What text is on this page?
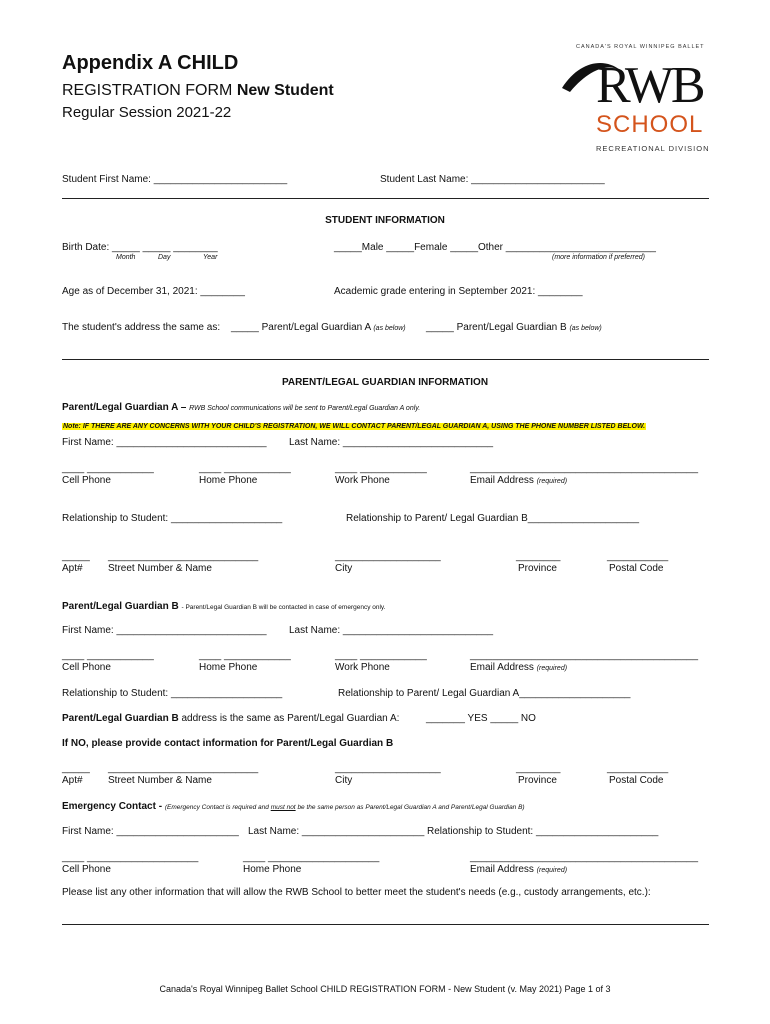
Appendix A CHILD
REGISTRATION FORM New Student
Regular Session 2021-22
CANADA'S ROYAL WINNIPEG BALLET
RWB
SCHOOL
RECREATIONAL DIVISION
Student First Name: ________________________	Student Last Name: ________________________
STUDENT INFORMATION
Birth Date: _____ _____ ________
Month	Day	Year
_____Male _____Female _____Other ___________________________
(more information if preferred)
Age as of December 31, 2021: ________	Academic grade entering in September 2021: ________
The student's address the same as: _____ Parent/Legal Guardian A (as below) _____ Parent/Legal Guardian B (as below)
PARENT/LEGAL GUARDIAN INFORMATION
Parent/Legal Guardian A – RWB School communications will be sent to Parent/Legal Guardian A only.
Note: IF THERE ARE ANY CONCERNS WITH YOUR CHILD'S REGISTRATION, WE WILL CONTACT PARENT/LEGAL GUARDIAN A, USING THE PHONE NUMBER LISTED BELOW.
First Name: ___________________________ Last Name: ___________________________
____ ____________	____ ____________	____ ____________	_________________________________________
Cell Phone	Home Phone	Work Phone	Email Address (required)
Relationship to Student: ____________________	Relationship to Parent/ Legal Guardian B____________________
_____ ___________________________	___________________	________	___________
Apt#	Street Number & Name	City	Province	Postal Code
Parent/Legal Guardian B - Parent/Legal Guardian B will be contacted in case of emergency only.
First Name: ___________________________ Last Name: ___________________________
____ ____________	____ ____________	____ ____________	_________________________________________
Cell Phone	Home Phone	Work Phone	Email Address (required)
Relationship to Student: ____________________	Relationship to Parent/ Legal Guardian A____________________
Parent/Legal Guardian B address is the same as Parent/Legal Guardian A:	_______ YES _____ NO
If NO, please provide contact information for Parent/Legal Guardian B
_____ ___________________________	___________________	________	___________
Apt#	Street Number & Name	City	Province	Postal Code
Emergency Contact - (Emergency Contact is required and must not be the same person as Parent/Legal Guardian A and Parent/Legal Guardian B)
First Name: ______________________ Last Name: ______________________ Relationship to Student: ______________________
____ ____________________	____ ____________________	_________________________________________
Cell Phone	Home Phone	Email Address (required)
Please list any other information that will allow the RWB School to better meet the student's needs (e.g., custody arrangements, etc.):
Canada's Royal Winnipeg Ballet School CHILD REGISTRATION FORM - New Student (v. May 2021) Page 1 of 3
